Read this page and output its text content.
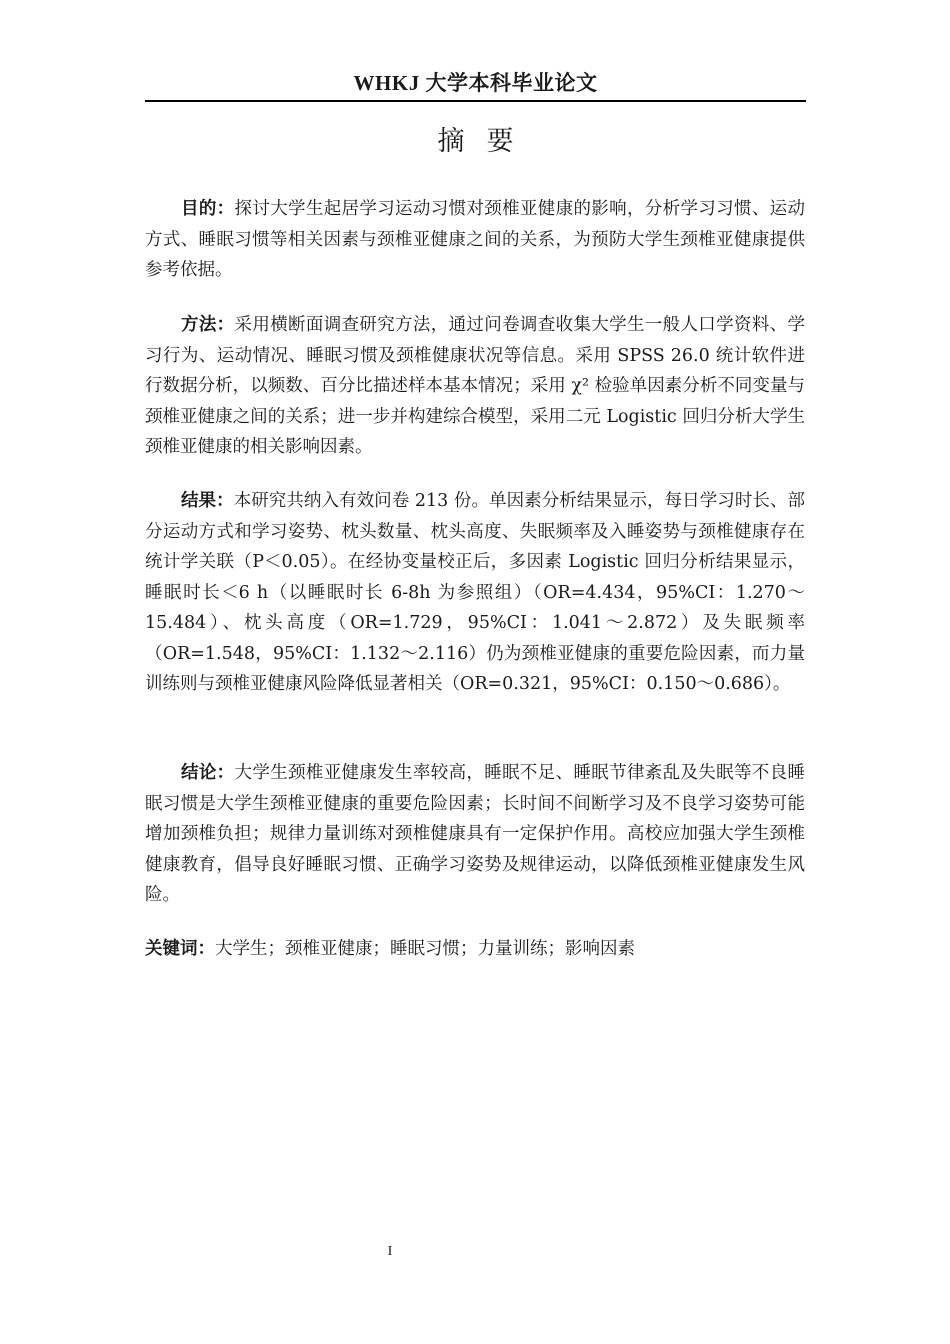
WHKJ 大学本科毕业论文
摘要

目的：探讨大学生起居学习运动习惯对颈椎亚健康的影响，分析学习习惯、运动方式、睡眠习惯等相关因素与颈椎亚健康之间的关系，为预防大学生颈椎亚健康提供参考依据。

方法：采用横断面调查研究方法，通过问卷调查收集大学生一般人口学资料、学习行为、运动情况、睡眠习惯及颈椎健康状况等信息。采用 SPSS 26.0 统计软件进行数据分析，以频数、百分比描述样本基本情况；采用 χ² 检验单因素分析不同变量与颈椎亚健康之间的关系；进一步并构建综合模型，采用二元 Logistic 回归分析大学生颈椎亚健康的相关影响因素。

结果：本研究共纳入有效问卷 213 份。单因素分析结果显示，每日学习时长、部分运动方式和学习姿势、枕头数量、枕头高度、失眠频率及入睡姿势与颈椎健康存在统计学关联（P＜0.05）。在经协变量校正后，多因素 Logistic 回归分析结果显示，睡眠时长＜6 h（以睡眠时长 6-8h 为参照组）（OR=4.434，95%CI：1.270～15.484）、枕头高度（OR=1.729，95%CI：1.041～2.872）及失眠频率（OR=1.548，95%CI：1.132～2.116）仍为颈椎亚健康的重要危险因素，而力量训练则与颈椎亚健康风险降低显著相关（OR=0.321，95%CI：0.150～0.686）。

结论：大学生颈椎亚健康发生率较高，睡眠不足、睡眠节律紊乱及失眠等不良睡眠习惯是大学生颈椎亚健康的重要危险因素；长时间不间断学习及不良学习姿势可能增加颈椎负担；规律力量训练对颈椎健康具有一定保护作用。高校应加强大学生颈椎健康教育，倡导良好睡眠习惯、正确学习姿势及规律运动，以降低颈椎亚健康发生风险。

关键词：大学生；颈椎亚健康；睡眠习惯；力量训练；影响因素

I
